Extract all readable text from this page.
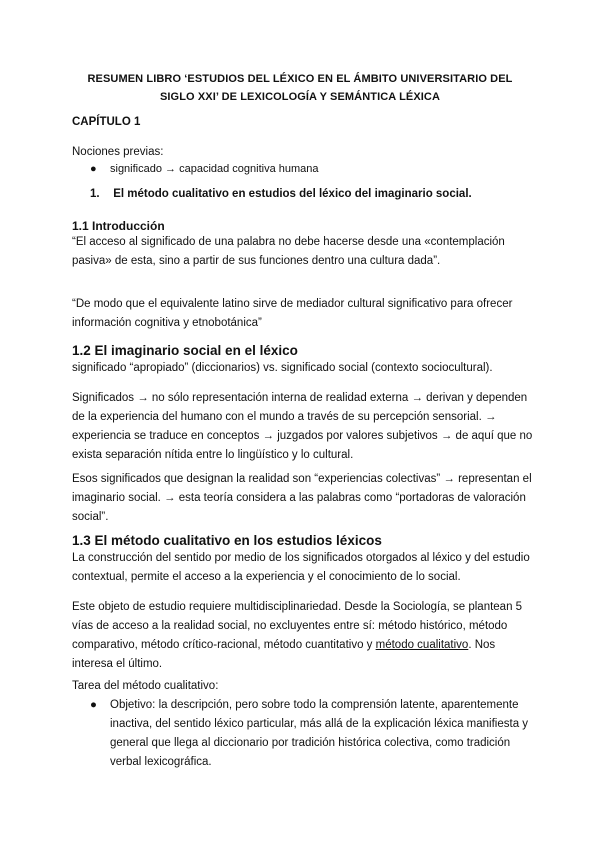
RESUMEN LIBRO ‘ESTUDIOS DEL LÉXICO EN EL ÁMBITO UNIVERSITARIO DEL
SIGLO XXI’ DE LEXICOLOGÍA Y SEMÁNTICA LÉXICA
CAPÍTULO 1
Nociones previas:
●	significado → capacidad cognitiva humana
1. El método cualitativo en estudios del léxico del imaginario social.
1.1 Introducción
“El acceso al significado de una palabra no debe hacerse desde una «contemplación pasiva» de esta, sino a partir de sus funciones dentro una cultura dada”.
“De modo que el equivalente latino sirve de mediador cultural significativo para ofrecer información cognitiva y etnobotánica”
1.2 El imaginario social en el léxico
significado “apropiado” (diccionarios) vs. significado social (contexto sociocultural).
Significados → no sólo representación interna de realidad externa → derivan y dependen de la experiencia del humano con el mundo a través de su percepción sensorial. → experiencia se traduce en conceptos → juzgados por valores subjetivos → de aquí que no exista separación nítida entre lo lingüístico y lo cultural.
Esos significados que designan la realidad son “experiencias colectivas” → representan el imaginario social. → esta teoría considera a las palabras como “portadoras de valoración social”.
1.3 El método cualitativo en los estudios léxicos
La construcción del sentido por medio de los significados otorgados al léxico y del estudio contextual, permite el acceso a la experiencia y el conocimiento de lo social.
Este objeto de estudio requiere multidisciplinariedad. Desde la Sociología, se plantean 5 vías de acceso a la realidad social, no excluyentes entre sí: método histórico, método comparativo, método crítico-racional, método cuantitativo y método cualitativo. Nos interesa el último.
Tarea del método cualitativo:
●	Objetivo: la descripción, pero sobre todo la comprensión latente, aparentemente inactiva, del sentido léxico particular, más allá de la explicación léxica manifiesta y general que llega al diccionario por tradición histórica colectiva, como tradición verbal lexicográfica.
